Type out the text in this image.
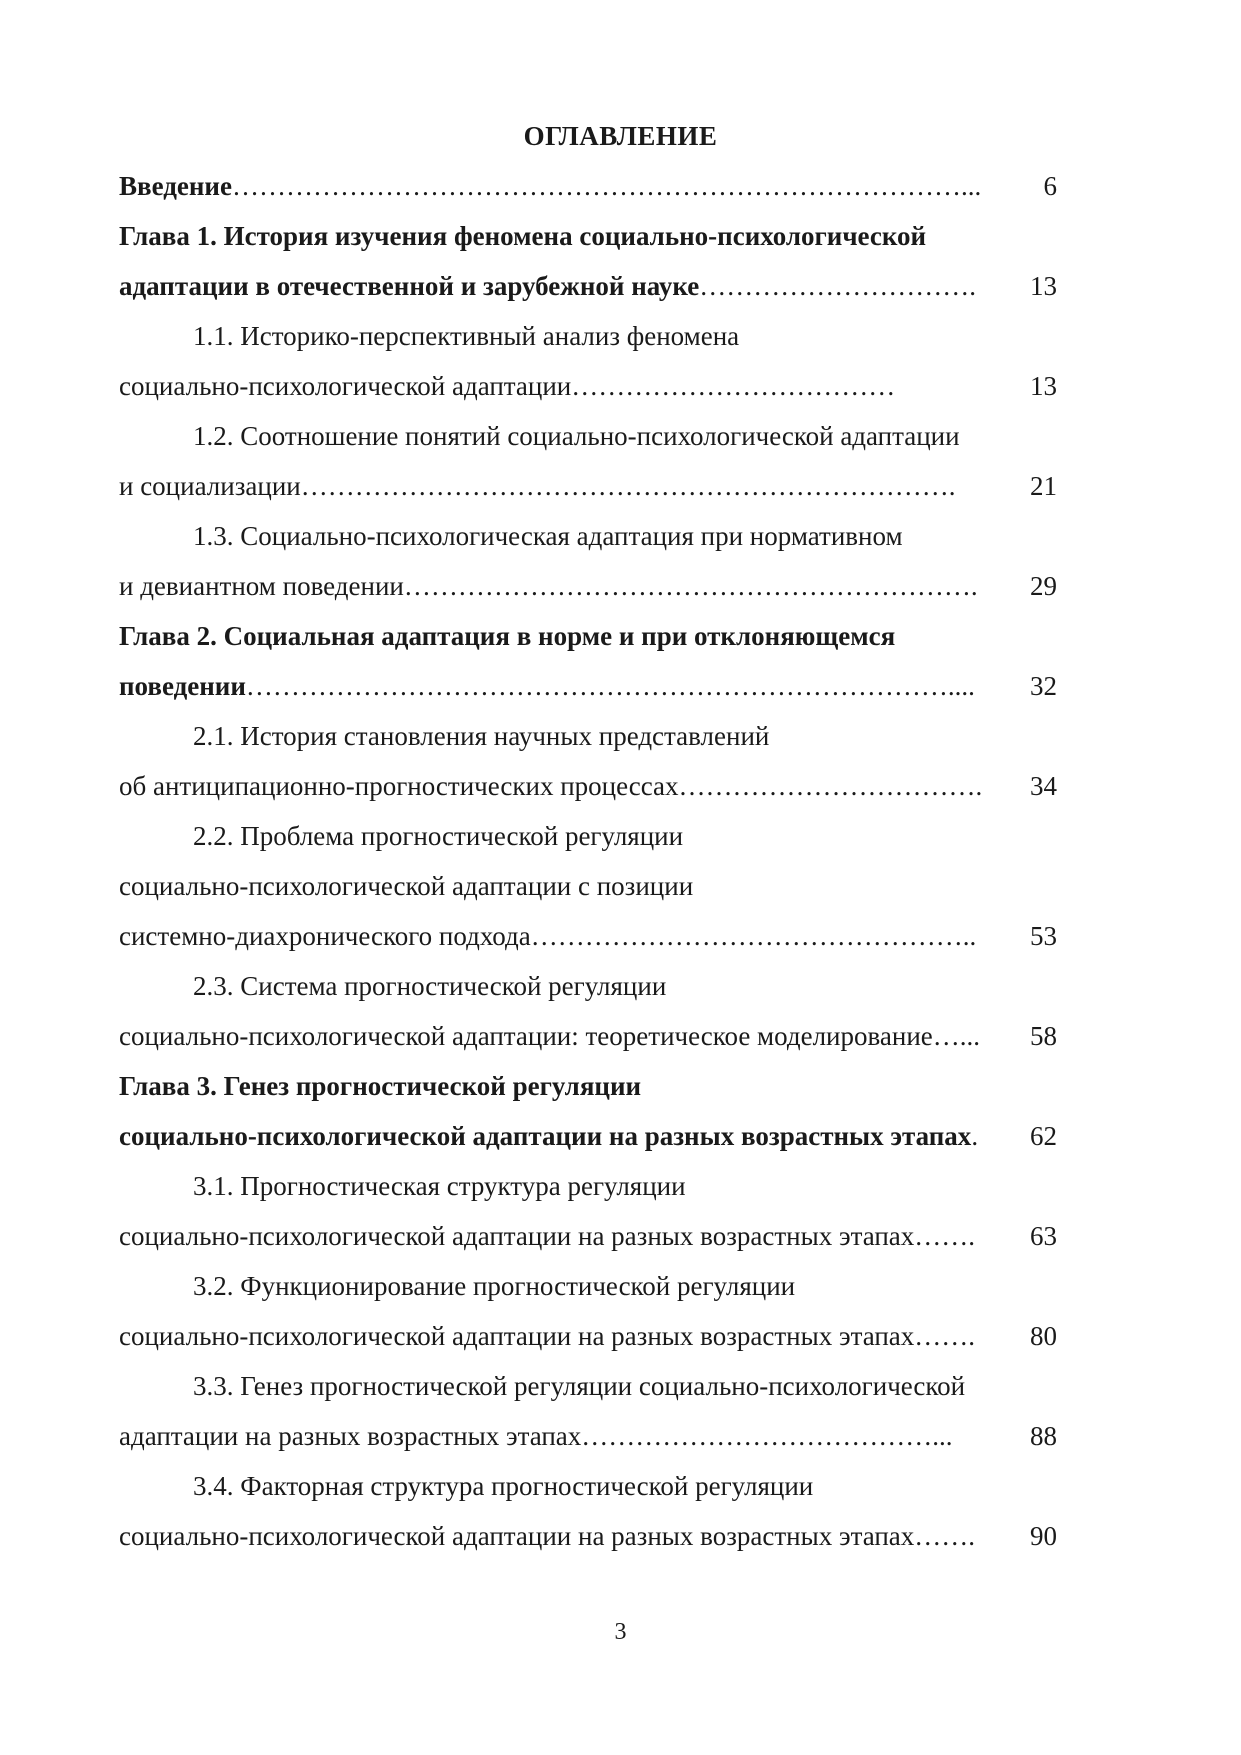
ОГЛАВЛЕНИЕ
Введение………………………………………………………………………... 6
Глава 1. История изучения феномена социально-психологической
адаптации в отечественной и зарубежной науке…………………………. 13
1.1. Историко-перспективный анализ феномена
социально-психологической адаптации………………………………	13
1.2. Соотношение понятий социально-психологической адаптации
и социализации……………………………………………………………….	21
1.3. Социально-психологическая адаптация при нормативном
и девиантном поведении………………………………………………………. 29
Глава 2. Социальная адаптация в норме и при отклоняющемся
поведении…………………………………………………………………….... 32
2.1. История становления научных представлений
об антиципационно-прогностических процессах……………………………. 34
2.2. Проблема прогностической регуляции
социально-психологической адаптации с позиции
системно-диахронического подхода………………………………………….. 53
2.3. Система прогностической регуляции
социально-психологической адаптации: теоретическое моделирование…... 58
Глава 3. Генез прогностической регуляции
социально-психологической адаптации на разных возрастных этапах. 62
3.1. Прогностическая структура регуляции
социально-психологической адаптации на разных возрастных этапах……. 63
3.2. Функционирование прогностической регуляции
социально-психологической адаптации на разных возрастных этапах……. 80
3.3. Генез прогностической регуляции социально-психологической
адаптации на разных возрастных этапах…………………………………...	88
3.4. Факторная структура прогностической регуляции
социально-психологической адаптации на разных возрастных этапах……. 90
3
